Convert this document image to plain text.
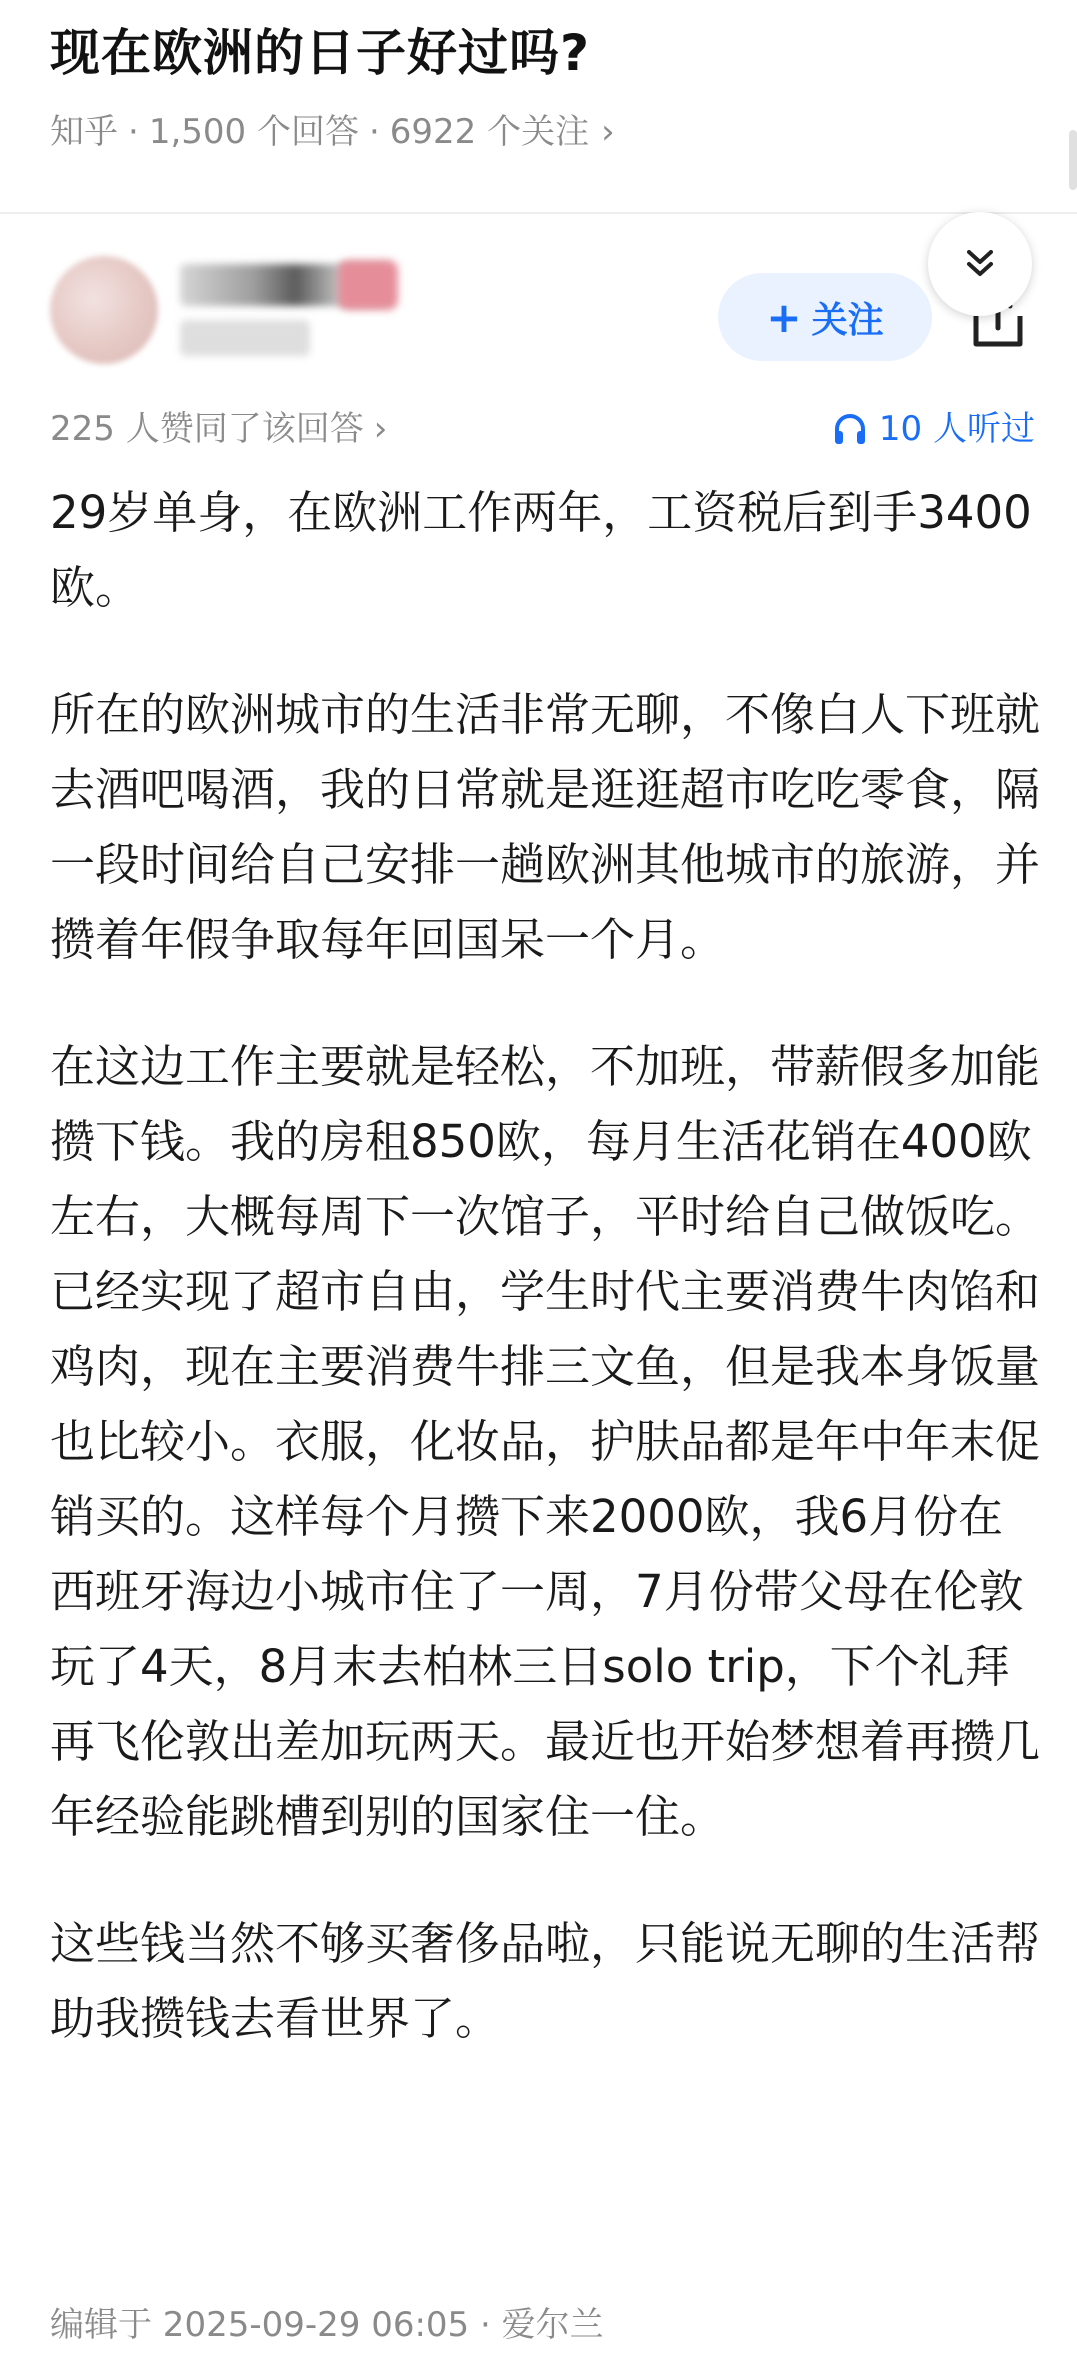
现在欧洲的日子好过吗?
知乎 · 1,500 个回答 · 6922 个关注 ›
+ 关注
225 人赞同了该回答 ›	10 人听过

29岁单身，在欧洲工作两年，工资税后到手3400欧。

所在的欧洲城市的生活非常无聊，不像白人下班就去酒吧喝酒，我的日常就是逛逛超市吃吃零食，隔一段时间给自己安排一趟欧洲其他城市的旅游，并攒着年假争取每年回国呆一个月。

在这边工作主要就是轻松，不加班，带薪假多加能攒下钱。我的房租850欧，每月生活花销在400欧左右，大概每周下一次馆子，平时给自己做饭吃。已经实现了超市自由，学生时代主要消费牛肉馅和鸡肉，现在主要消费牛排三文鱼，但是我本身饭量也比较小。衣服，化妆品，护肤品都是年中年末促销买的。这样每个月攒下来2000欧，我6月份在西班牙海边小城市住了一周，7月份带父母在伦敦玩了4天，8月末去柏林三日solo trip，下个礼拜再飞伦敦出差加玩两天。最近也开始梦想着再攒几年经验能跳槽到别的国家住一住。

这些钱当然不够买奢侈品啦，只能说无聊的生活帮助我攒钱去看世界了。

编辑于 2025-09-29 06:05 · 爱尔兰
